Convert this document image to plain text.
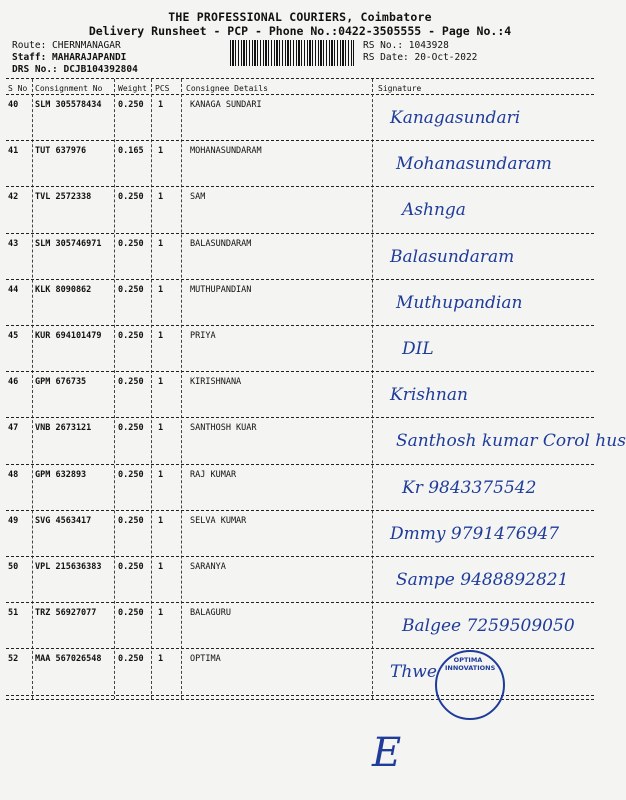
THE PROFESSIONAL COURIERS, Coimbatore
Delivery Runsheet - PCP - Phone No.:0422-3505555 - Page No.:4
Route: CHERNMANAGAR
Staff: MAHARAJAPANDI
DRS No.: DCJB104392804
RS No.: 1043928
RS Date: 20-Oct-2022
S No Consignment No Weight PCS Consignee Details	Signature
40 SLM 305578434 0.250 1	KANAGA SUNDARI
Kanagasundari
41 TUT 637976	0.165 1	MOHANASUNDARAM
Mohanasundaram
42 TVL 2572338	0.250 1	SAM
Ashnga
43 SLM 305746971 0.250 1	BALASUNDARAM
Balasundaram
44 KLK 8090862	0.250 1	MUTHUPANDIAN
Muthupandian
45 KUR 694101479 0.250 1	PRIYA
DIL
46 GPM 676735	0.250 1	KIRISHNANA
Krishnan
47 VNB 2673121	0.250 1	SANTHOSH KUAR
Santhosh kumar Corol hus
48 GPM 632893	0.250 1	RAJ KUMAR
Kr 9843375542
49 SVG 4563417	0.250 1	SELVA KUMAR
Dmmy 9791476947
50 VPL 215636383 0.250 1	SARANYA
Sampe 9488892821
51 TRZ 56927077	0.250 1	BALAGURU
Balgee 7259509050
52 MAA 567026548 0.250 1	OPTIMA
Thwe
OPTIMA INNOVATIONS
E
